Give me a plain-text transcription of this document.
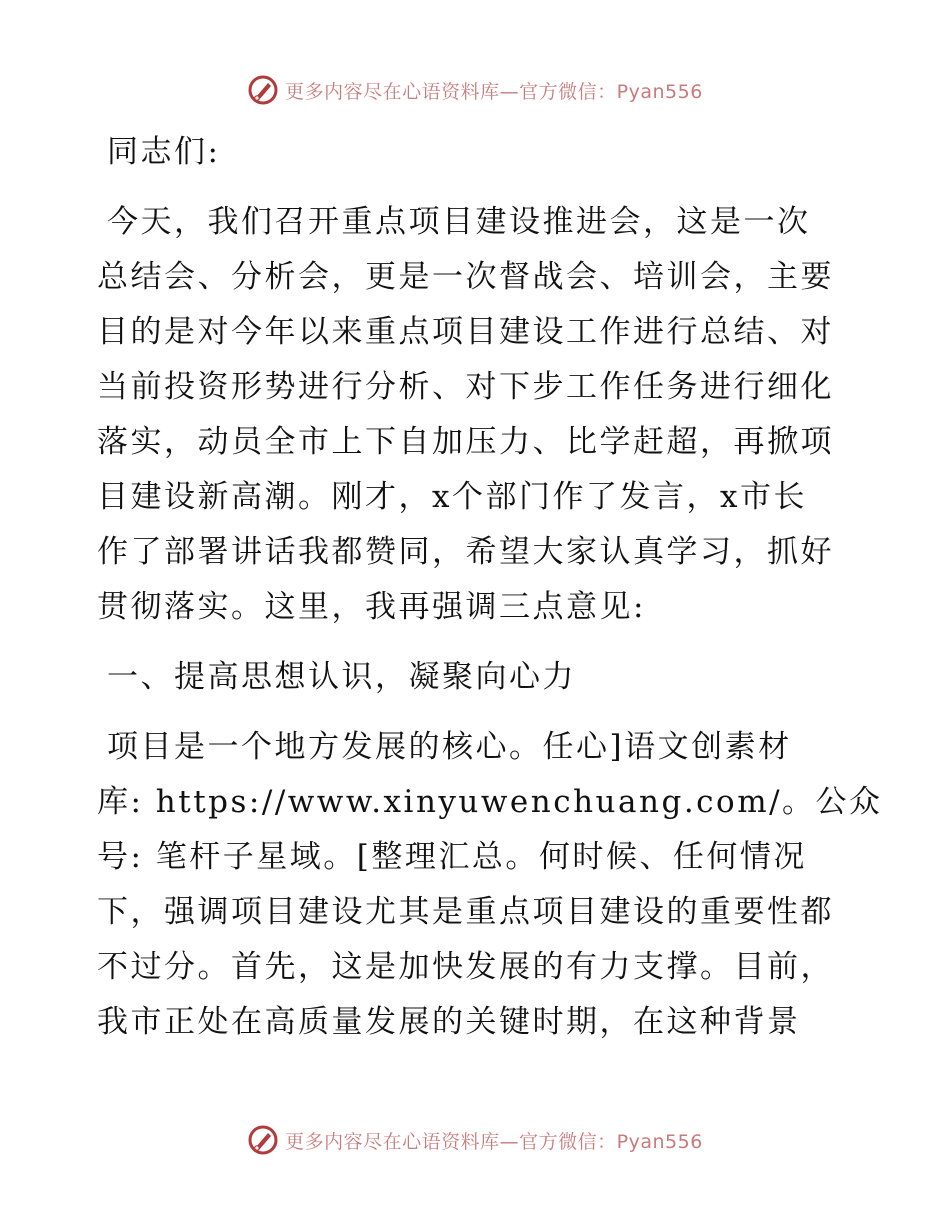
更多内容尽在心语资料库—官方微信：Pyan556
同志们:
今天，我们召开重点项目建设推进会，这是一次
总结会、分析会，更是一次督战会、培训会，主要
目的是对今年以来重点项目建设工作进行总结、对
当前投资形势进行分析、对下步工作任务进行细化
落实，动员全市上下自加压力、比学赶超，再掀项
目建设新高潮。刚才，x个部门作了发言，x市长
作了部署讲话我都赞同，希望大家认真学习，抓好
贯彻落实。这里，我再强调三点意见:
一、提高思想认识，凝聚向心力
项目是一个地方发展的核心。任心]语文创素材
库: https://www.xinyuwenchuang.com/。公众
号: 笔杆子星域。[整理汇总。何时候、任何情况
下，强调项目建设尤其是重点项目建设的重要性都
不过分。首先，这是加快发展的有力支撑。目前，
我市正处在高质量发展的关键时期，在这种背景
更多内容尽在心语资料库—官方微信：Pyan556
